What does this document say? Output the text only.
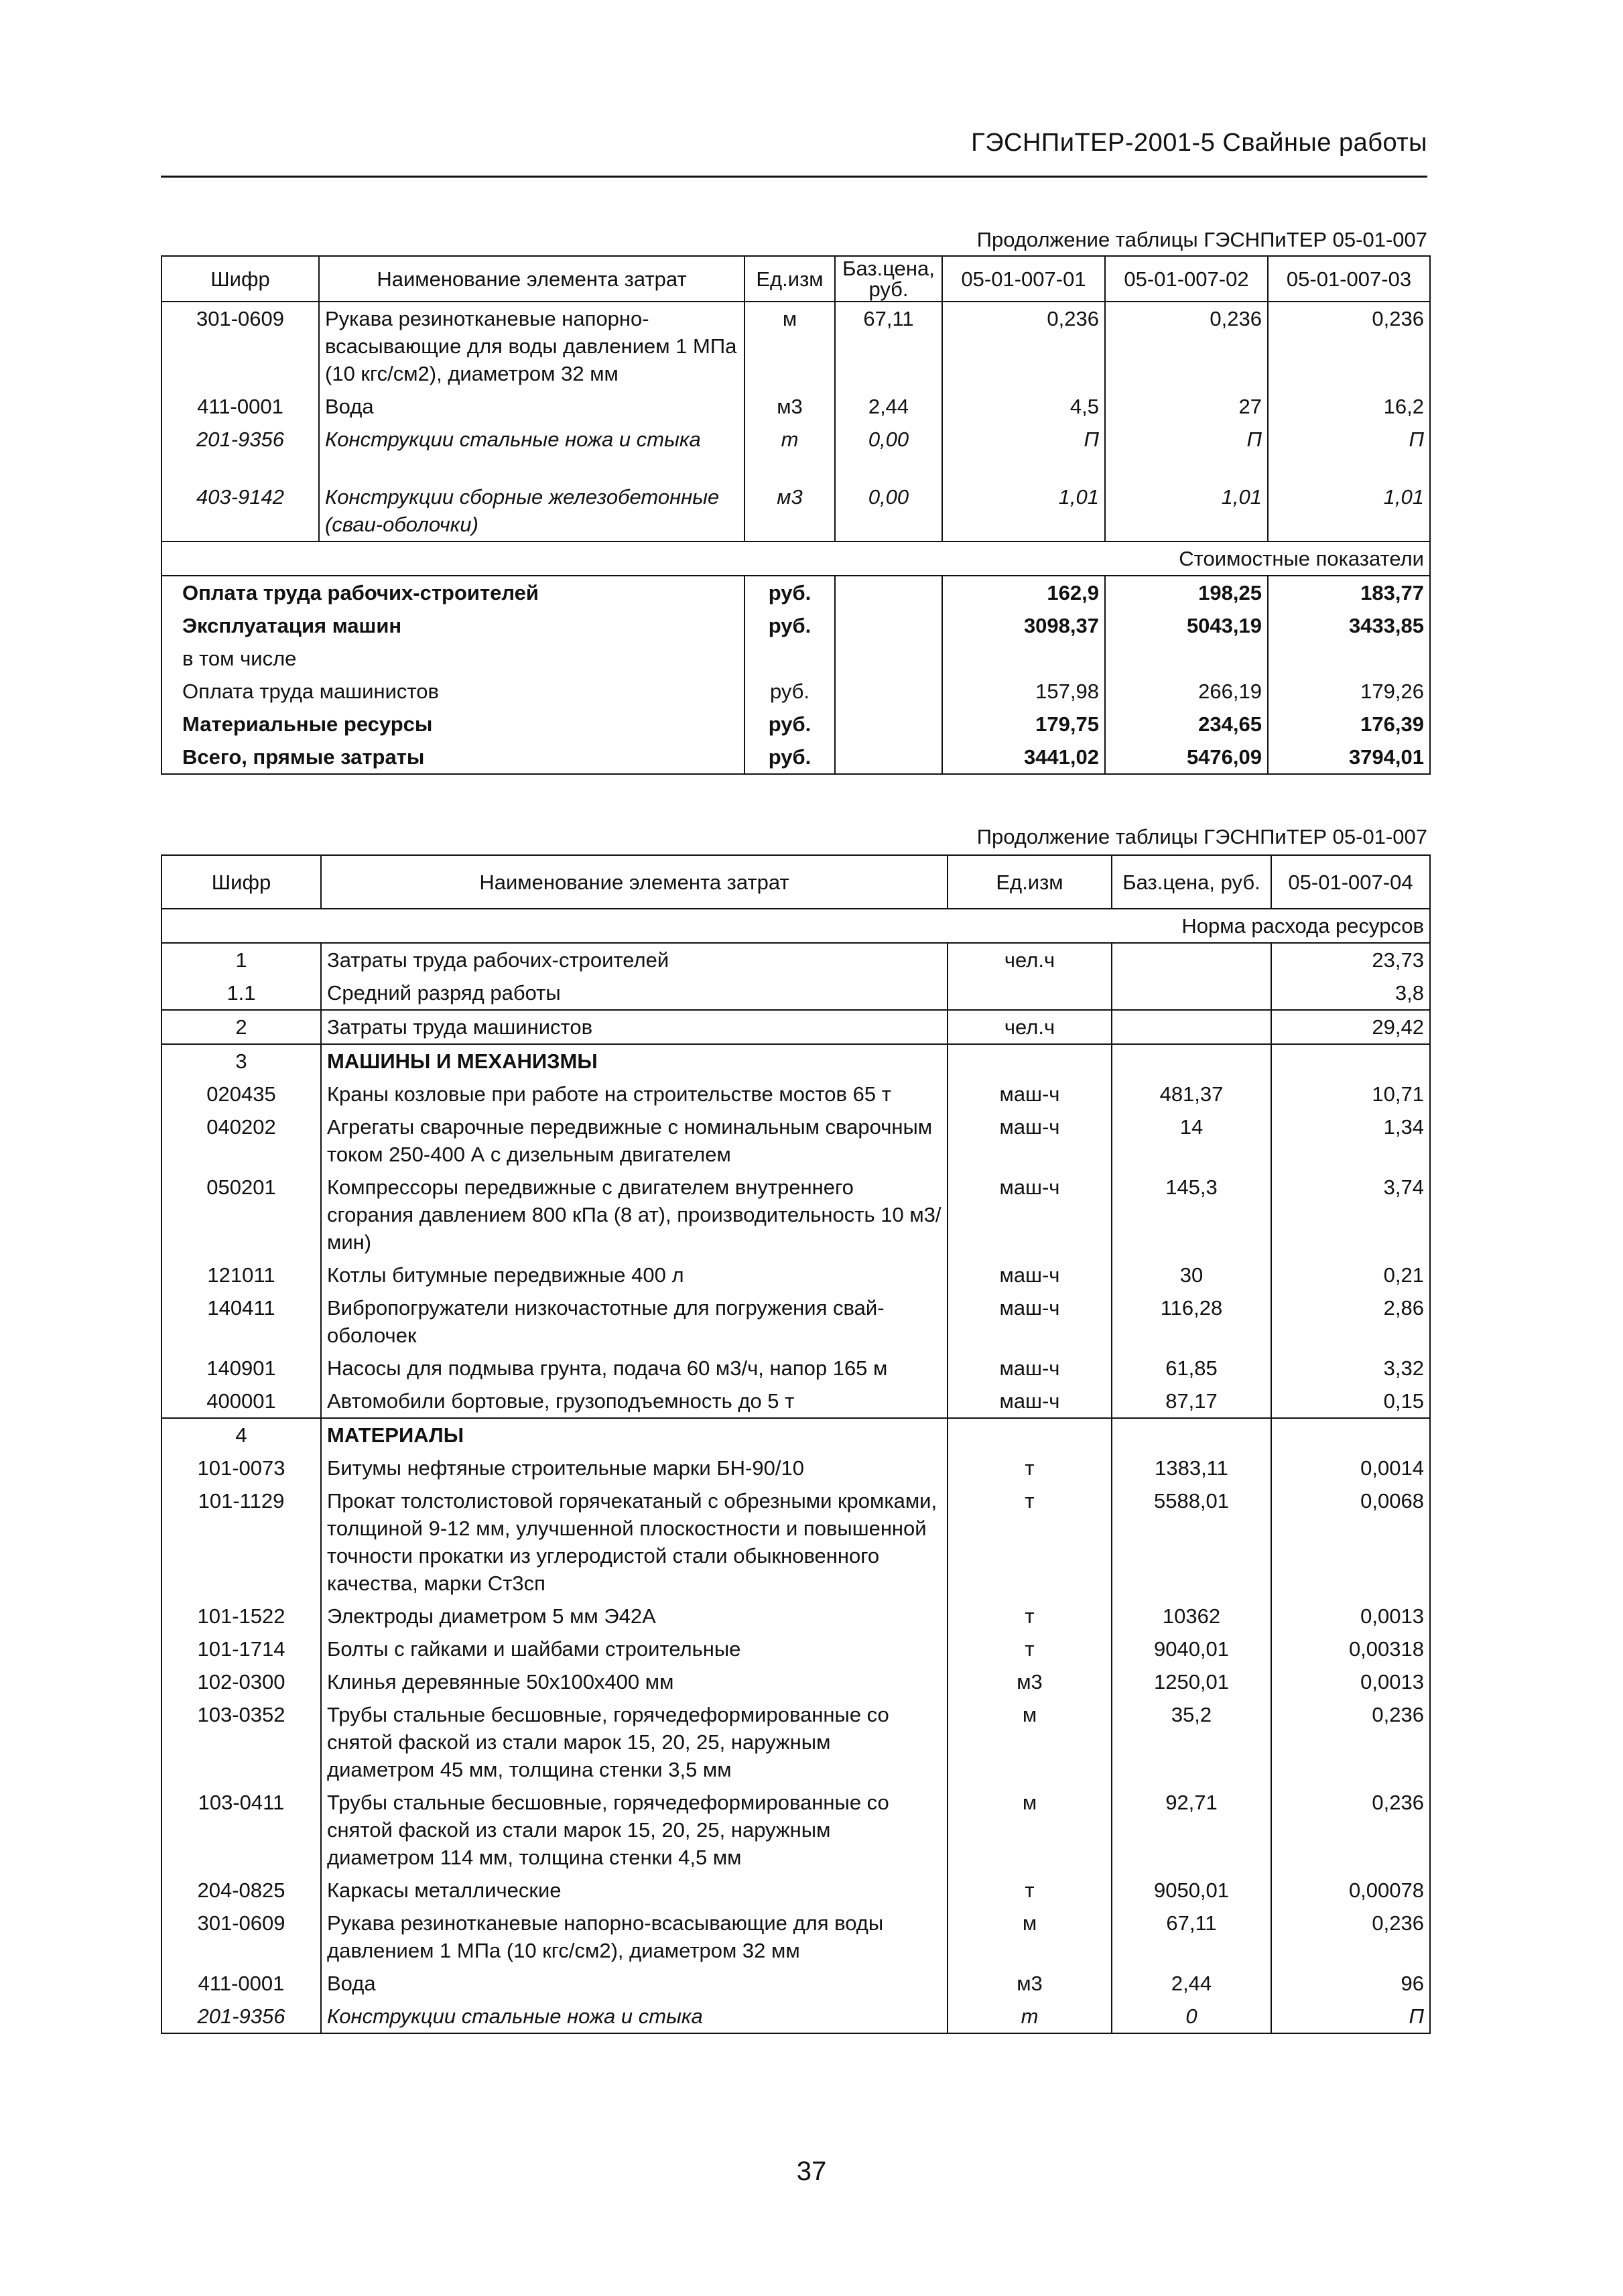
ГЭСНПиТЕР-2001-5 Свайные работы
Продолжение таблицы ГЭСНПиТЕР 05-01-007
Шифр	Наименование элемента затрат	Ед.изм	Баз.цена, руб.	05-01-007-01	05-01-007-02	05-01-007-03
301-0609	Рукава резинотканевые напорно-всасывающие для воды давлением 1 МПа (10 кгс/см2), диаметром 32 мм	м	67,11	0,236	0,236	0,236
411-0001	Вода	м3	2,44	4,5	27	16,2
201-9356	Конструкции стальные ножа и стыка	т	0,00	П	П	П
403-9142	Конструкции сборные железобетонные (сваи-оболочки)	м3	0,00	1,01	1,01	1,01
Стоимостные показатели						
Оплата труда рабочих-строителей		руб.		162,9	198,25	183,77
Эксплуатация машин		руб.		3098,37	5043,19	3433,85
в том числе						
Оплата труда машинистов		руб.		157,98	266,19	179,26
Материальные ресурсы		руб.		179,75	234,65	176,39
Всего, прямые затраты		руб.		3441,02	5476,09	3794,01
Продолжение таблицы ГЭСНПиТЕР 05-01-007
Шифр	Наименование элемента затрат	Ед.изм	Баз.цена, руб.	05-01-007-04
Норма расхода ресурсов				
1	Затраты труда рабочих-строителей	чел.ч		23,73
1.1	Средний разряд работы			3,8
2	Затраты труда машинистов	чел.ч		29,42
3	МАШИНЫ И МЕХАНИЗМЫ			
020435	Краны козловые при работе на строительстве мостов 65 т	маш-ч	481,37	10,71
040202	Агрегаты сварочные передвижные с номинальным сварочным током 250-400 А с дизельным двигателем	маш-ч	14	1,34
050201	Компрессоры передвижные с двигателем внутреннего сгорания давлением 800 кПа (8 ат), производительность 10 м3/мин)	маш-ч	145,3	3,74
121011	Котлы битумные передвижные 400 л	маш-ч	30	0,21
140411	Вибропогружатели низкочастотные для погружения свай-оболочек	маш-ч	116,28	2,86
140901	Насосы для подмыва грунта, подача 60 м3/ч, напор 165 м	маш-ч	61,85	3,32
400001	Автомобили бортовые, грузоподъемность до 5 т	маш-ч	87,17	0,15
4	МАТЕРИАЛЫ			
101-0073	Битумы нефтяные строительные марки БН-90/10	т	1383,11	0,0014
101-1129	Прокат толстолистовой горячекатаный с обрезными кромками, толщиной 9-12 мм, улучшенной плоскостности и повышенной точности прокатки из углеродистой стали обыкновенного качества, марки Ст3сп	т	5588,01	0,0068
101-1522	Электроды диаметром 5 мм Э42А	т	10362	0,0013
101-1714	Болты с гайками и шайбами строительные	т	9040,01	0,00318
102-0300	Клинья деревянные 50х100х400 мм	м3	1250,01	0,0013
103-0352	Трубы стальные бесшовные, горячедеформированные со снятой фаской из стали марок 15, 20, 25, наружным диаметром 45 мм, толщина стенки 3,5 мм	м	35,2	0,236
103-0411	Трубы стальные бесшовные, горячедеформированные со снятой фаской из стали марок 15, 20, 25, наружным диаметром 114 мм, толщина стенки 4,5 мм	м	92,71	0,236
204-0825	Каркасы металлические	т	9050,01	0,00078
301-0609	Рукава резинотканевые напорно-всасывающие для воды давлением 1 МПа (10 кгс/см2), диаметром 32 мм	м	67,11	0,236
411-0001	Вода	м3	2,44	96
201-9356	Конструкции стальные ножа и стыка	т	0	П
37
